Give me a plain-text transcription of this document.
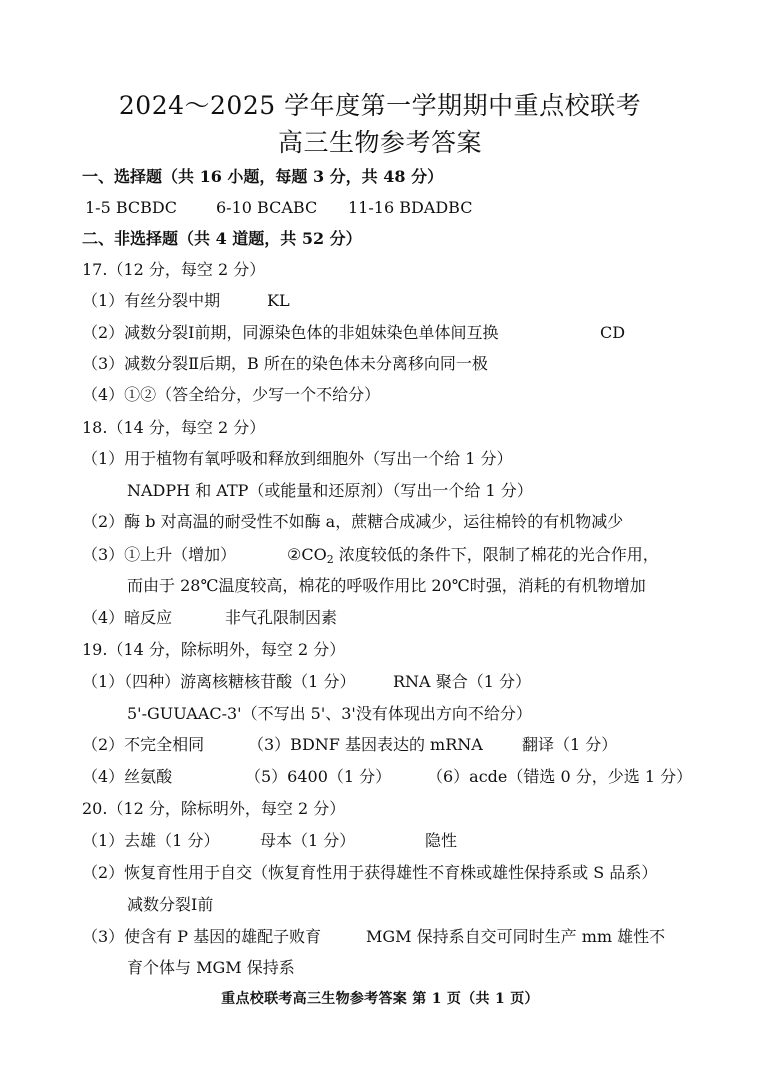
2024～2025 学年度第一学期期中重点校联考
高三生物参考答案
一、选择题（共 16 小题，每题 3 分，共 48 分）
1-5 BCBDC 6-10 BCABC 11-16 BDADBC
二、非选择题（共 4 道题，共 52 分）
17.（12 分，每空 2 分）
（1）有丝分裂中期	KL
（2）减数分裂Ⅰ前期，同源染色体的非姐妹染色单体间互换	CD
（3）减数分裂Ⅱ后期，B 所在的染色体未分离移向同一极
（4）①②（答全给分，少写一个不给分）
18.（14 分，每空 2 分）
（1）用于植物有氧呼吸和释放到细胞外（写出一个给 1 分）
NADPH 和 ATP（或能量和还原剂）（写出一个给 1 分）
（2）酶 b 对高温的耐受性不如酶 a，蔗糖合成减少，运往棉铃的有机物减少
（3）①上升（增加）	$②CO_2$ 浓度较低的条件下，限制了棉花的光合作用，
而由于 28℃温度较高，棉花的呼吸作用比 20℃时强，消耗的有机物增加
（4）暗反应	非气孔限制因素
19.（14 分，除标明外，每空 2 分）
（1）（四种）游离核糖核苷酸（1 分） RNA 聚合（1 分）
5'-GUUAAC-3'（不写出 5'、3'没有体现出方向不给分）
（2）不完全相同	（3）BDNF 基因表达的 mRNA 翻译（1 分）
（4）丝氨酸	（5）6400（1 分） （6）acde（错选 0 分，少选 1 分）
20.（12 分，除标明外，每空 2 分）
（1）去雄（1 分）	母本（1 分）	隐性
（2）恢复育性用于自交（恢复育性用于获得雄性不育株或雄性保持系或 S 品系）
减数分裂Ⅰ前
（3）使含有 P 基因的雄配子败育	MGM 保持系自交可同时生产 mm 雄性不
育个体与 MGM 保持系
重点校联考高三生物参考答案 第 1 页（共 1 页）
